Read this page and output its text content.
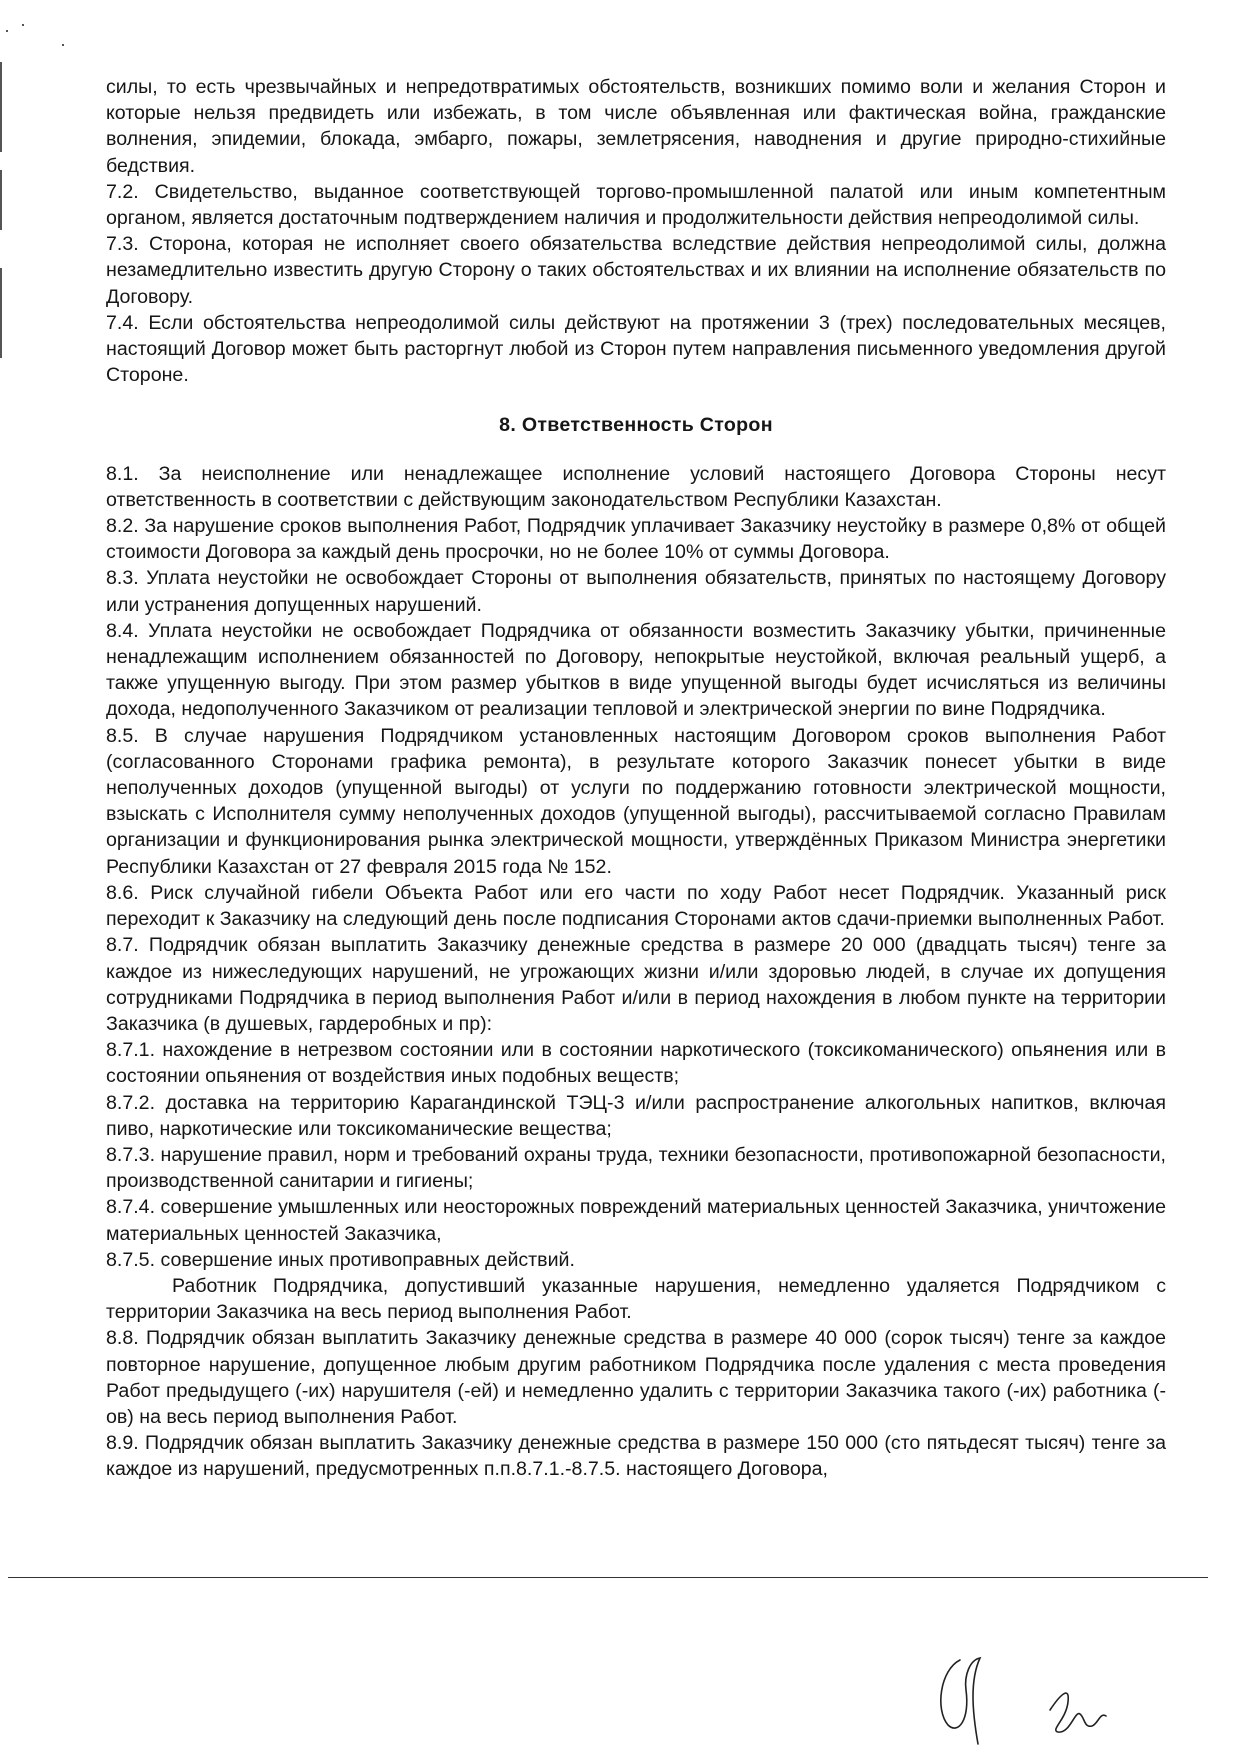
силы, то есть чрезвычайных и непредотвратимых обстоятельств, возникших помимо воли и желания Сторон и которые нельзя предвидеть или избежать, в том числе объявленная или фактическая война, гражданские волнения, эпидемии, блокада, эмбарго, пожары, землетрясения, наводнения и другие природно-стихийные бедствия.

7.2. Свидетельство, выданное соответствующей торгово-промышленной палатой или иным компетентным органом, является достаточным подтверждением наличия и продолжительности действия непреодолимой силы.

7.3. Сторона, которая не исполняет своего обязательства вследствие действия непреодолимой силы, должна незамедлительно известить другую Сторону о таких обстоятельствах и их влиянии на исполнение обязательств по Договору.

7.4. Если обстоятельства непреодолимой силы действуют на протяжении 3 (трех) последовательных месяцев, настоящий Договор может быть расторгнут любой из Сторон путем направления письменного уведомления другой Стороне.

8. Ответственность Сторон

8.1. За неисполнение или ненадлежащее исполнение условий настоящего Договора Стороны несут ответственность в соответствии с действующим законодательством Республики Казахстан.

8.2. За нарушение сроков выполнения Работ, Подрядчик уплачивает Заказчику неустойку в размере 0,8% от общей стоимости Договора за каждый день просрочки, но не более 10% от суммы Договора.

8.3. Уплата неустойки не освобождает Стороны от выполнения обязательств, принятых по настоящему Договору или устранения допущенных нарушений.

8.4. Уплата неустойки не освобождает Подрядчика от обязанности возместить Заказчику убытки, причиненные ненадлежащим исполнением обязанностей по Договору, непокрытые неустойкой, включая реальный ущерб, а также упущенную выгоду. При этом размер убытков в виде упущенной выгоды будет исчисляться из величины дохода, недополученного Заказчиком от реализации тепловой и электрической энергии по вине Подрядчика.

8.5. В случае нарушения Подрядчиком установленных настоящим Договором сроков выполнения Работ (согласованного Сторонами графика ремонта), в результате которого Заказчик понесет убытки в виде неполученных доходов (упущенной выгоды) от услуги по поддержанию готовности электрической мощности, взыскать с Исполнителя сумму неполученных доходов (упущенной выгоды), рассчитываемой согласно Правилам организации и функционирования рынка электрической мощности, утверждённых Приказом Министра энергетики Республики Казахстан от 27 февраля 2015 года № 152.

8.6. Риск случайной гибели Объекта Работ или его части по ходу Работ несет Подрядчик. Указанный риск переходит к Заказчику на следующий день после подписания Сторонами актов сдачи-приемки выполненных Работ.

8.7. Подрядчик обязан выплатить Заказчику денежные средства в размере 20 000 (двадцать тысяч) тенге за каждое из нижеследующих нарушений, не угрожающих жизни и/или здоровью людей, в случае их допущения сотрудниками Подрядчика в период выполнения Работ и/или в период нахождения в любом пункте на территории Заказчика (в душевых, гардеробных и пр):

8.7.1. нахождение в нетрезвом состоянии или в состоянии наркотического (токсикоманического) опьянения или в состоянии опьянения от воздействия иных подобных веществ;

8.7.2. доставка на территорию Карагандинской ТЭЦ-3 и/или распространение алкогольных напитков, включая пиво, наркотические или токсикоманические вещества;

8.7.3. нарушение правил, норм и требований охраны труда, техники безопасности, противопожарной безопасности, производственной санитарии и гигиены;

8.7.4. совершение умышленных или неосторожных повреждений материальных ценностей Заказчика, уничтожение материальных ценностей Заказчика,

8.7.5. совершение иных противоправных действий.

Работник Подрядчика, допустивший указанные нарушения, немедленно удаляется Подрядчиком с территории Заказчика на весь период выполнения Работ.

8.8. Подрядчик обязан выплатить Заказчику денежные средства в размере 40 000 (сорок тысяч) тенге за каждое повторное нарушение, допущенное любым другим работником Подрядчика после удаления с места проведения Работ предыдущего (-их) нарушителя (-ей) и немедленно удалить с территории Заказчика такого (-их) работника (-ов) на весь период выполнения Работ.

8.9. Подрядчик обязан выплатить Заказчику денежные средства в размере 150 000 (сто пятьдесят тысяч) тенге за каждое из нарушений, предусмотренных п.п.8.7.1.-8.7.5. настоящего Договора,
